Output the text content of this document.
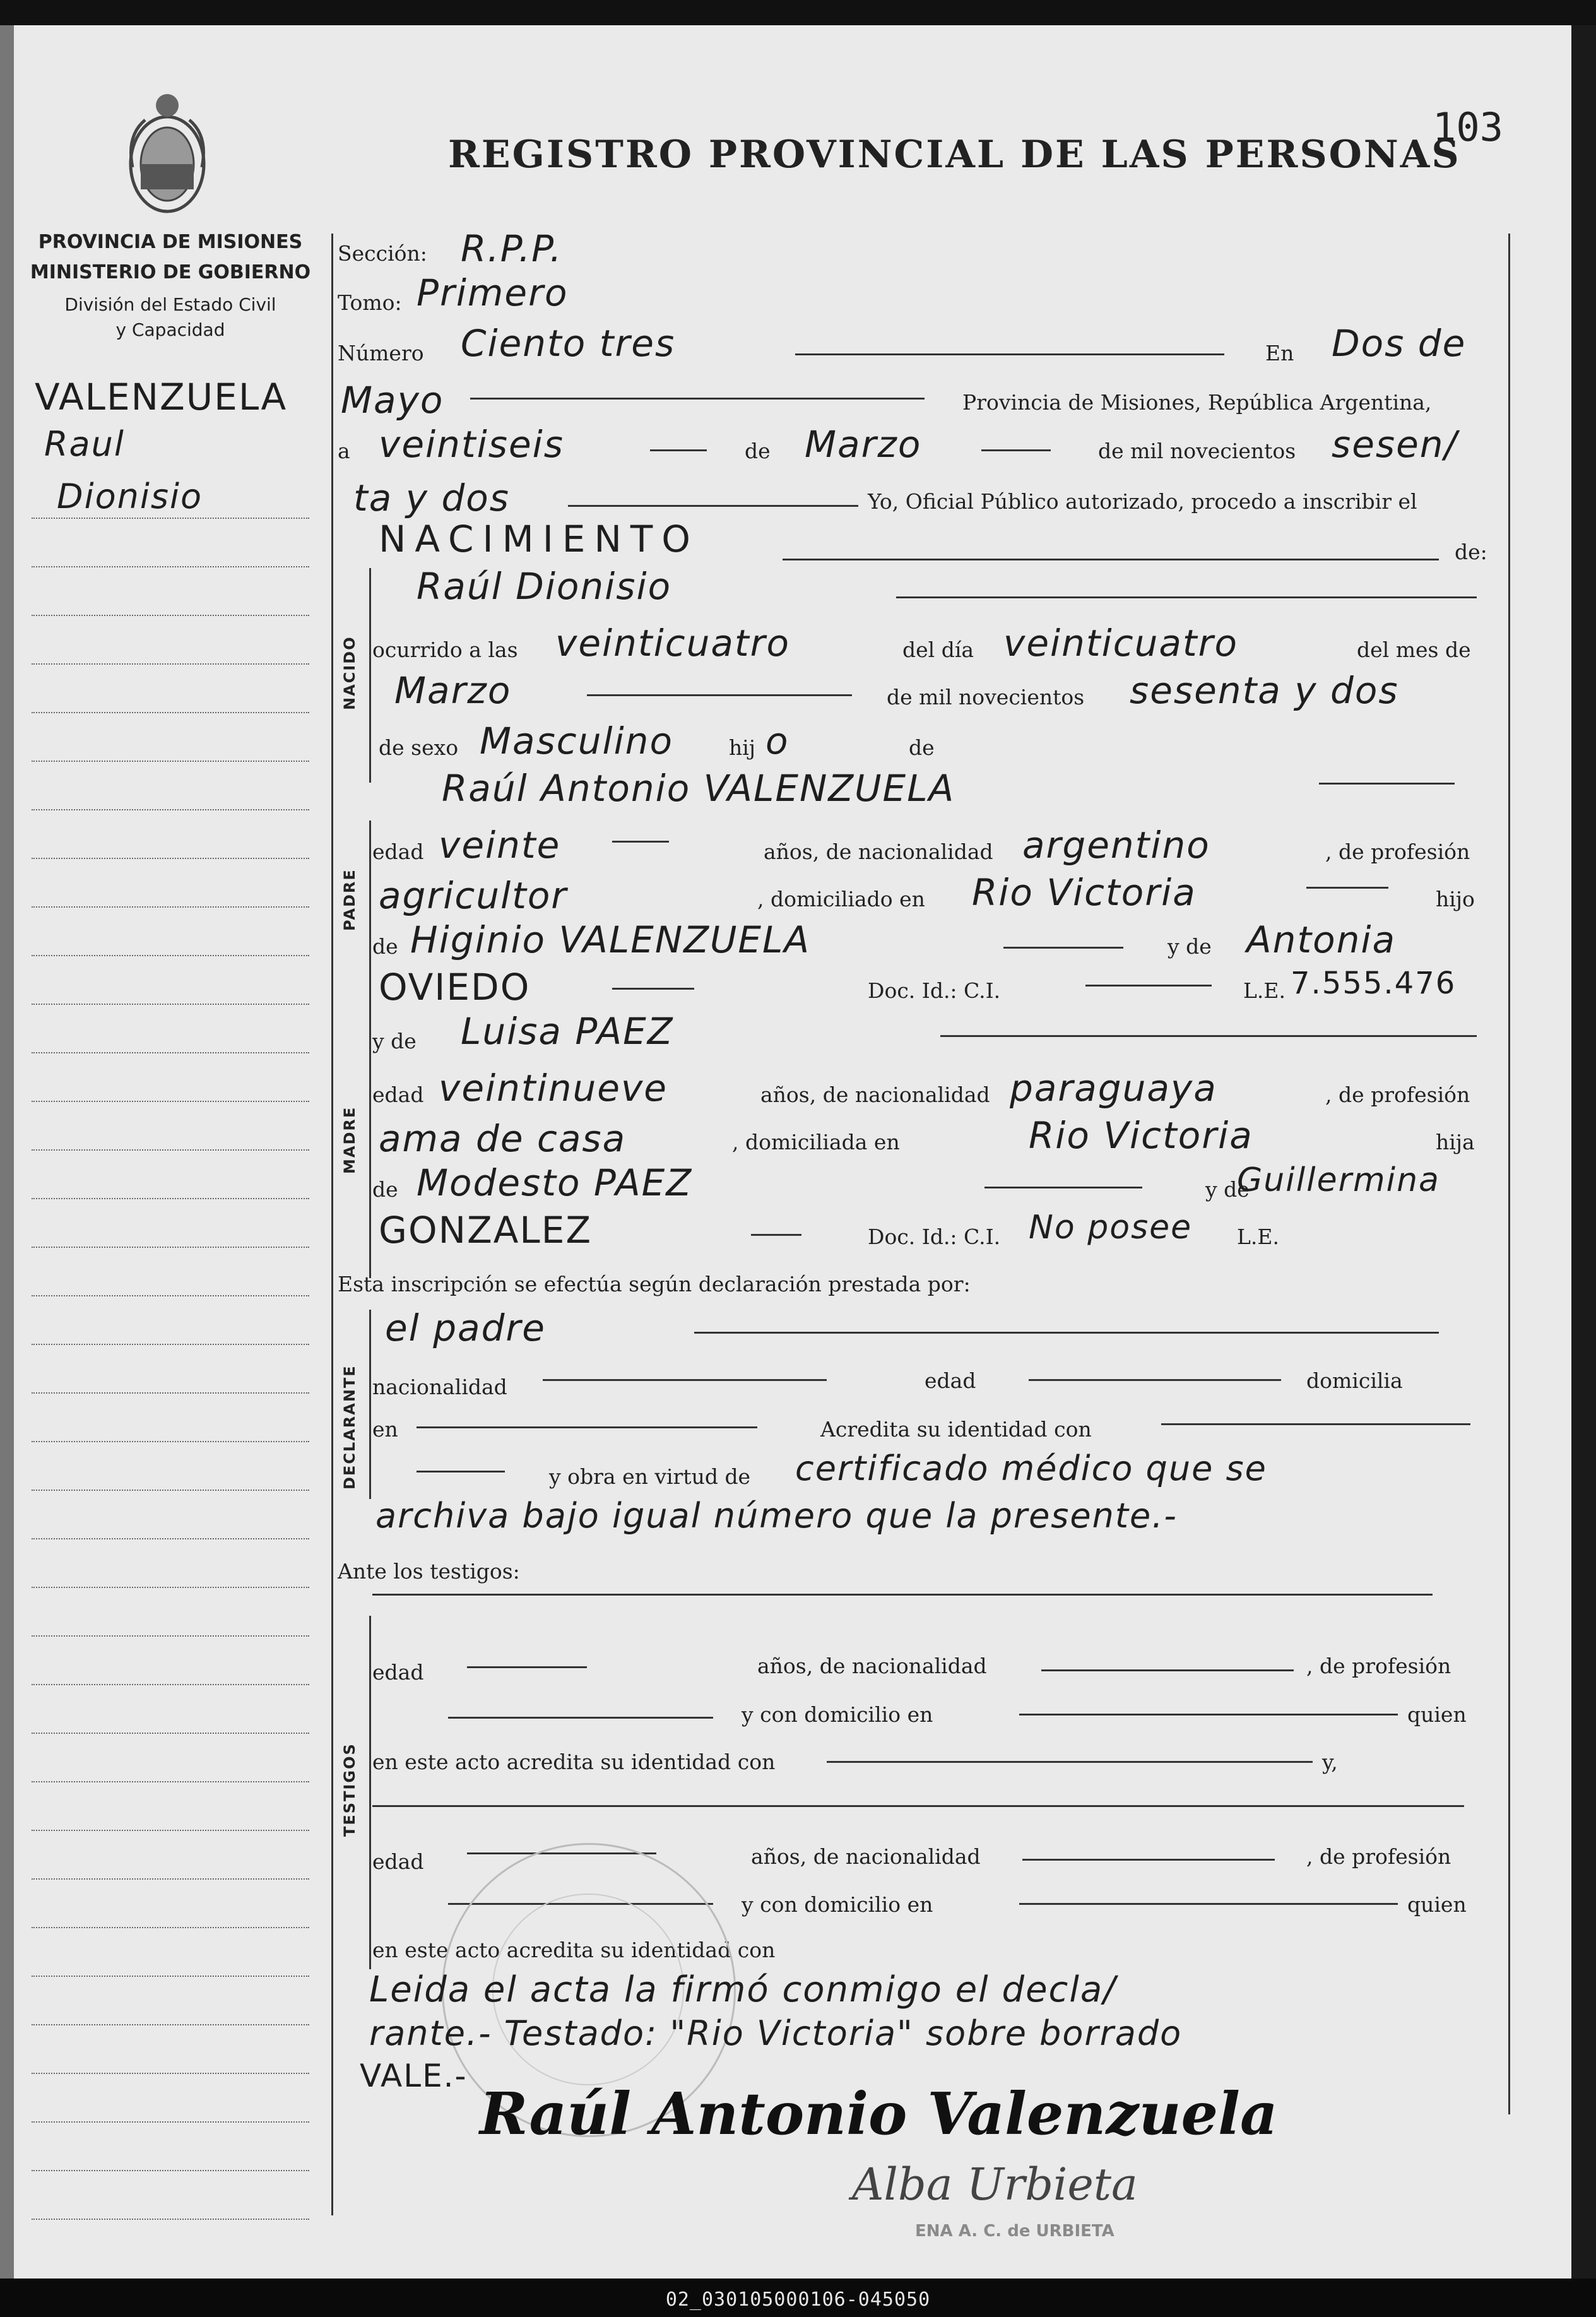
PROVINCIA DE MISIONES
MINISTERIO DE GOBIERNO
División del Estado Civil
y Capacidad
REGISTRO PROVINCIAL DE LAS PERSONAS
103
VALENZUELA
Raul
Dionisio
NACIDO
PADRE
MADRE
DECLARANTE
TESTIGOS
Sección: R.P.P.
Tomo: Primero
Número Ciento tres	En Dos de
Mayo	Provincia de Misiones, República Argentina,
a veintiseis	de Marzo	de mil novecientos sesen/
ta y dos	Yo, Oficial Público autorizado, procedo a inscribir el
NACIMIENTO	de:
Raúl Dionisio
ocurrido a las veinticuatro	del día veinticuatro	del mes de
Marzo	de mil novecientos sesenta y dos
de sexo Masculino	hij o	de
Raúl Antonio VALENZUELA
edad veinte	años, de nacionalidad argentino	, de profesión
agricultor	, domiciliado en Rio Victoria	hijo
de Higinio VALENZUELA	y de Antonia
OVIEDO	Doc. Id.: C.I.	L.E. 7.555.476
y de Luisa PAEZ
edad veintinueve	años, de nacionalidad paraguaya	, de profesión
ama de casa	, domiciliada en	Rio Victoria	hija
de Modesto PAEZ	y de
Guillermina
GONZALEZ	Doc. Id.: C.I. No posee L.E.
Esta inscripción se efectúa según declaración prestada por:
el padre
nacionalidad	edad	domicilia
en	Acredita su identidad con
y obra en virtud de certificado médico que se
archiva bajo igual número que la presente.-
Ante los testigos:
edad	años, de nacionalidad	, de profesión
y con domicilio en	quien
en este acto acredita su identidad con	y,
edad	años, de nacionalidad	, de profesión
y con domicilio en	quien
en este acto acredita su identidad con
Leida el acta la firmó conmigo el decla/
rante.- Testado: "Rio Victoria" sobre borrado
VALE.-
Raúl Antonio Valenzuela
Alba Urbieta
ENA A. C. de URBIETA
02_030105000106-045050
